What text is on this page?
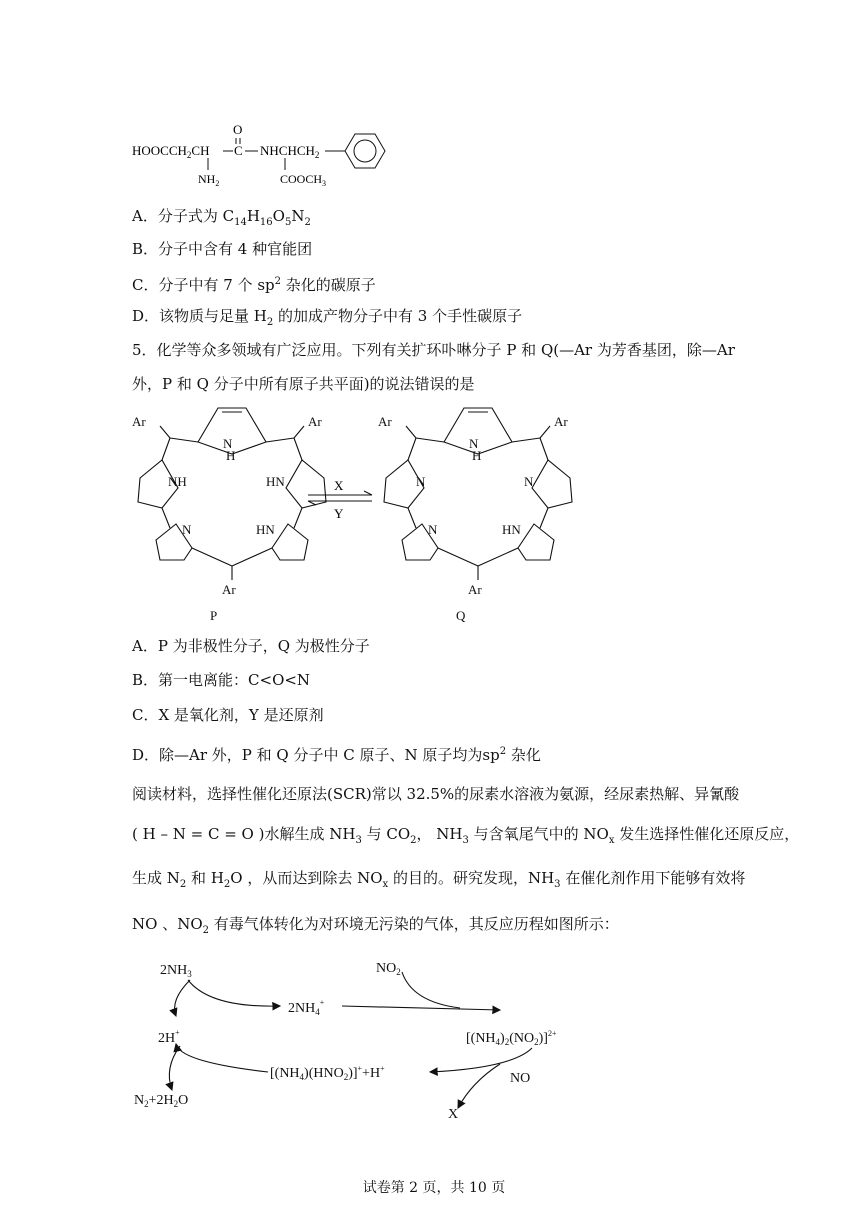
$HOOCCH_2CH$ C
O
$NHCHCH_2$
$NH_2$	$COOCH_3$
A．分子式为 $C_{14}H_{16}O_5N_2$
B．分子中含有 4 种官能团
C．分子中有 7 个 $sp^2$ 杂化的碳原子
D．该物质与足量 $H_2$ 的加成产物分子中有 3 个手性碳原子
5．化学等众多领域有广泛应用。下列有关扩环卟啉分子 P 和 Q(—Ar 为芳香基团，除—Ar
外，P 和 Q 分子中所有原子共平面)的说法错误的是
Ar	Ar
N
H
NH	HN
N	HN
Ar
P
X
Y
Ar	Ar
N
H
N	N
N	HN
Ar
Q
A．P 为非极性分子，Q 为极性分子
B．第一电离能：C<O<N
C．X 是氧化剂，Y 是还原剂
D．除—Ar 外，P 和 Q 分子中 C 原子、N 原子均为$sp^2$ 杂化
阅读材料，选择性催化还原法(SCR)常以 32.5%的尿素水溶液为氨源，经尿素热解、异氰酸
( H – N = C = O )水解生成 $NH_3$ 与 $CO_2$， $NH_3$ 与含氧尾气中的 $NO_x$ 发生选择性催化还原反应，
生成 $N_2$ 和 $H_2O$ ，从而达到除去 $NO_x$ 的目的。研究发现，$NH_3$ 在催化剂作用下能够有效将
NO 、$NO_2$ 有毒气体转化为对环境无污染的气体，其反应历程如图所示：
$2NH_3$
$2NH_4^+$
$NO_2$
$[(NH_4)_2(NO_2)]^{2+}$
NO
X
2H+
$[(NH_4)(HNO_2)]^++H^+$
$N_2+2H_2O$
试卷第 2 页，共 10 页
